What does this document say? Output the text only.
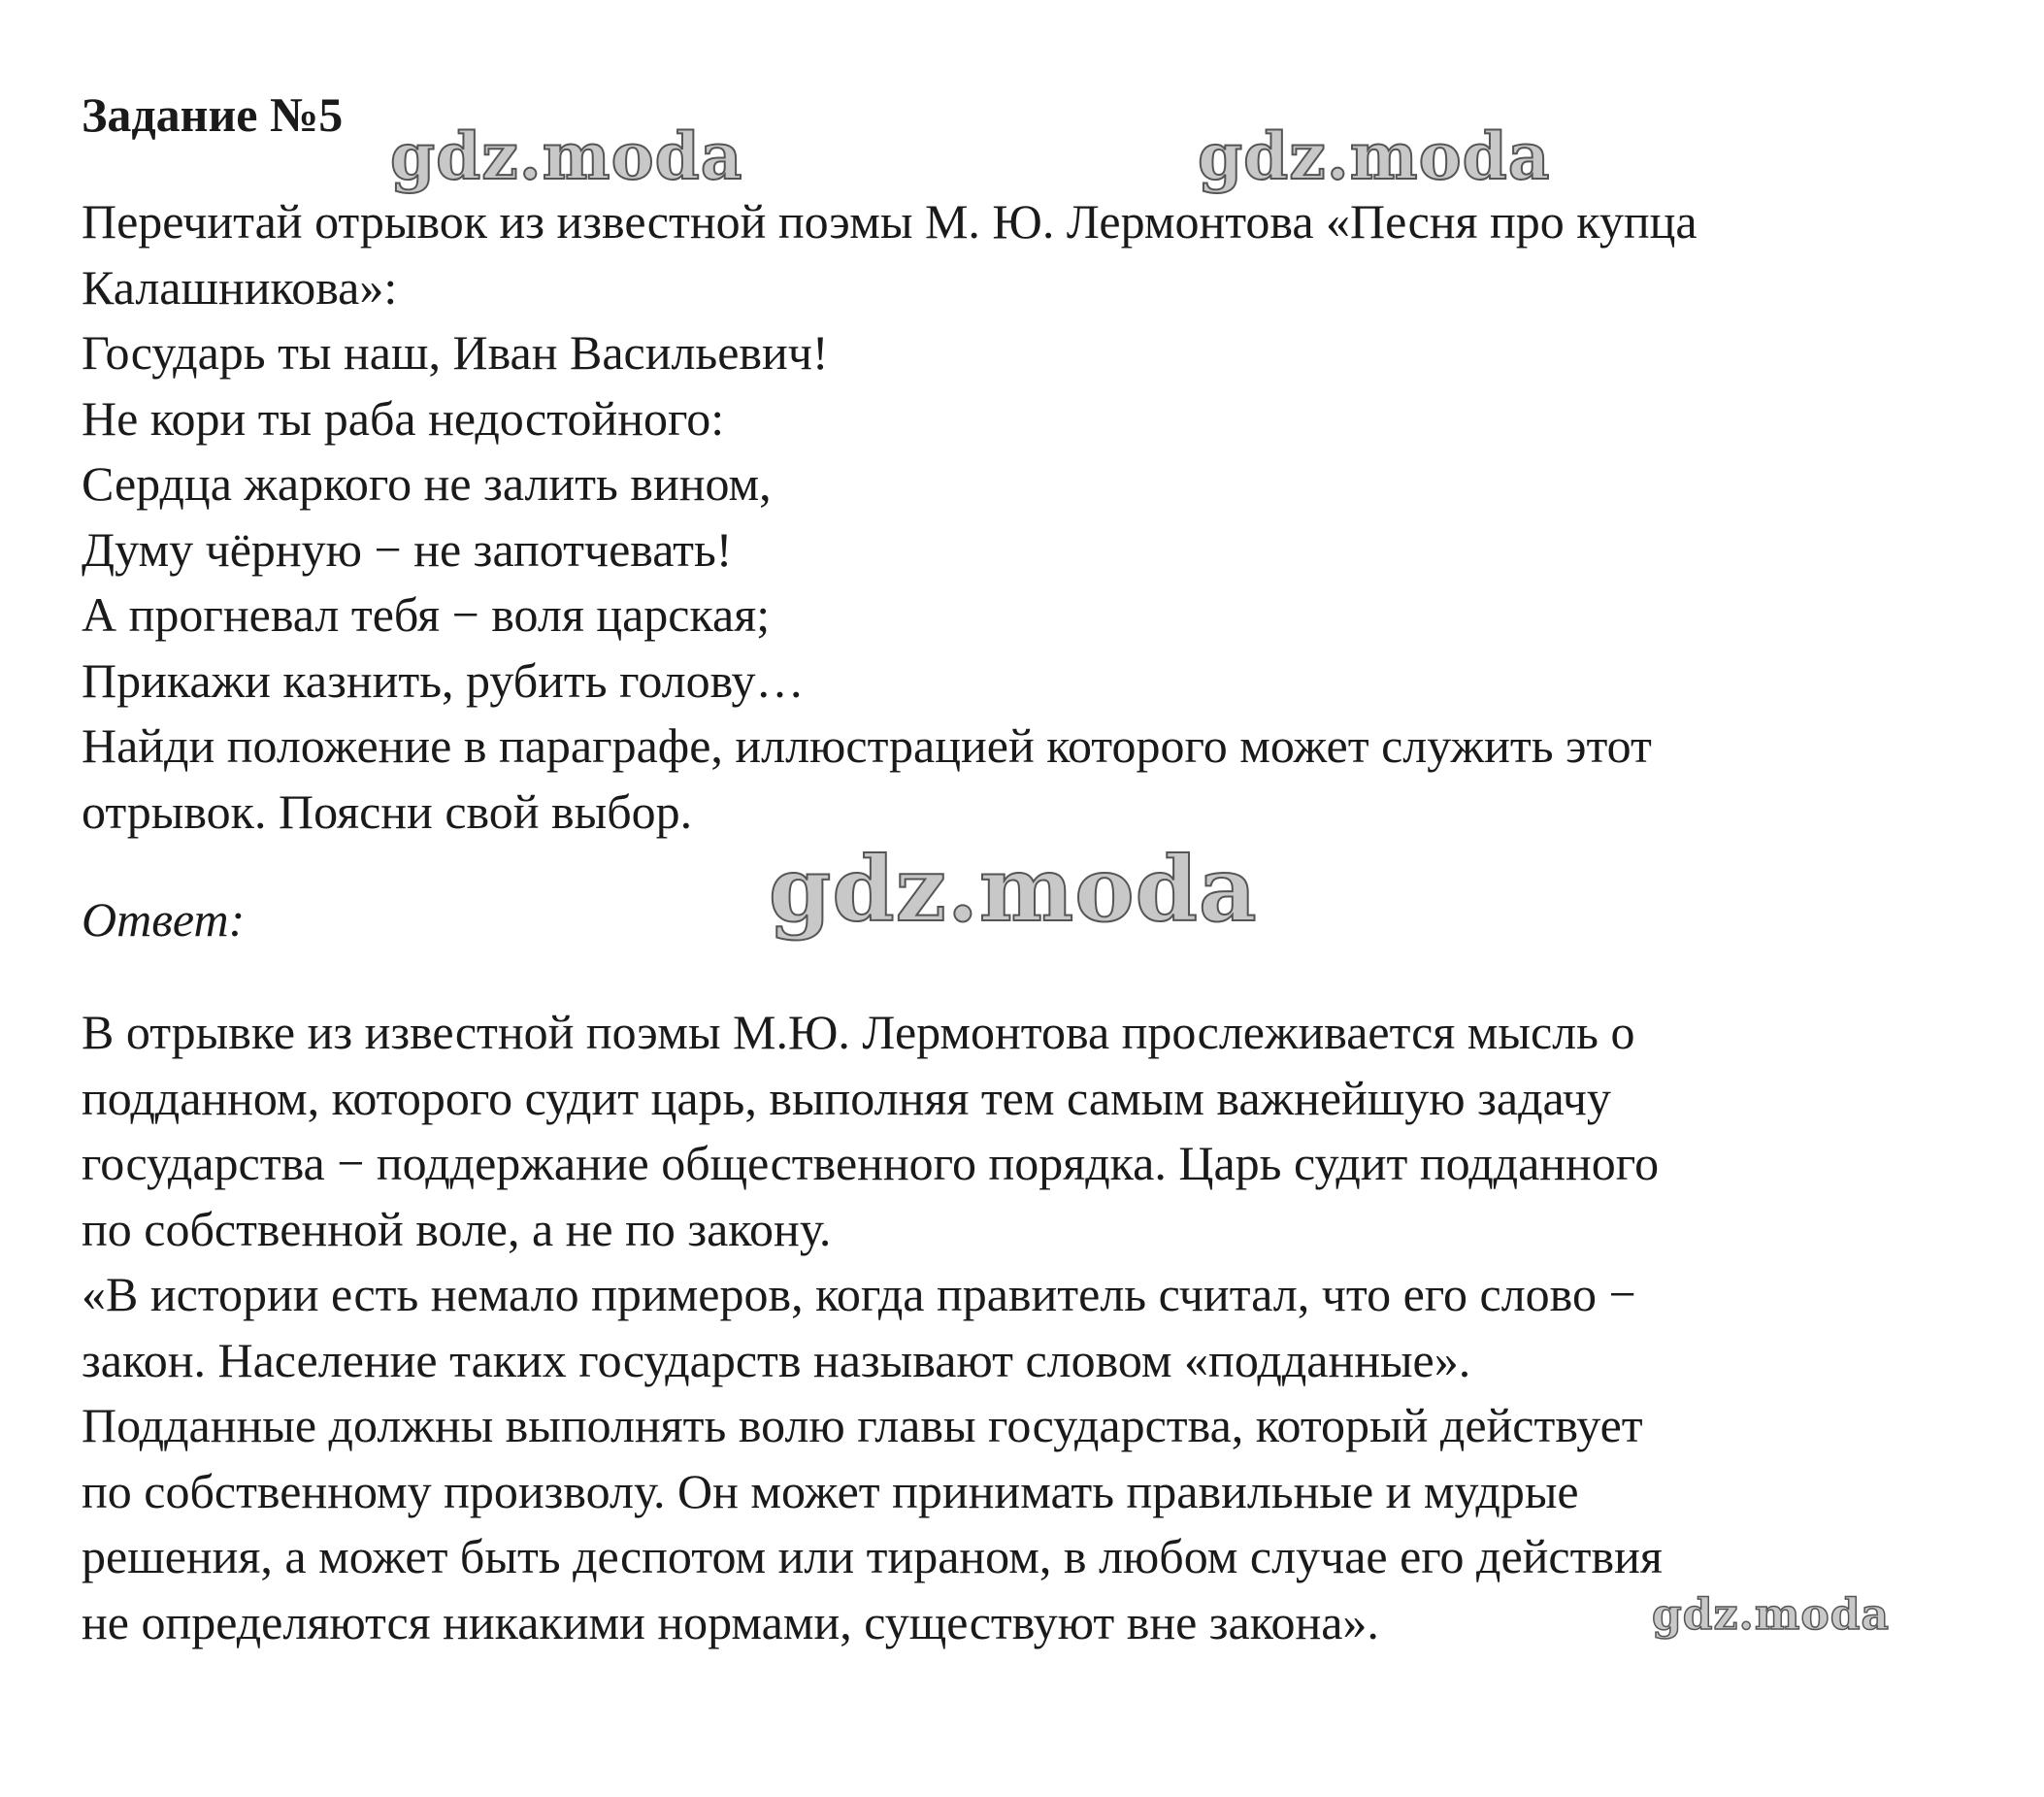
Задание №5
gdz.moda	gdz.moda
Перечитай отрывок из известной поэмы М. Ю. Лермонтова «Песня про купца
Калашникова»:
Государь ты наш, Иван Васильевич!
Не кори ты раба недостойного:
Сердца жаркого не залить вином,
Думу чёрную − не запотчевать!
А прогневал тебя − воля царская;
Прикажи казнить, рубить голову…
Найди положение в параграфе, иллюстрацией которого может служить этот
отрывок. Поясни свой выбор.
Ответ:	gdz.moda
В отрывке из известной поэмы М.Ю. Лермонтова прослеживается мысль о
подданном, которого судит царь, выполняя тем самым важнейшую задачу
государства − поддержание общественного порядка. Царь судит подданного
по собственной воле, а не по закону.
«В истории есть немало примеров, когда правитель считал, что его слово −
закон. Население таких государств называют словом «подданные».
Подданные должны выполнять волю главы государства, который действует
по собственному произволу. Он может принимать правильные и мудрые
решения, а может быть деспотом или тираном, в любом случае его действия
не определяются никакими нормами, существуют вне закона».	gdz.moda
